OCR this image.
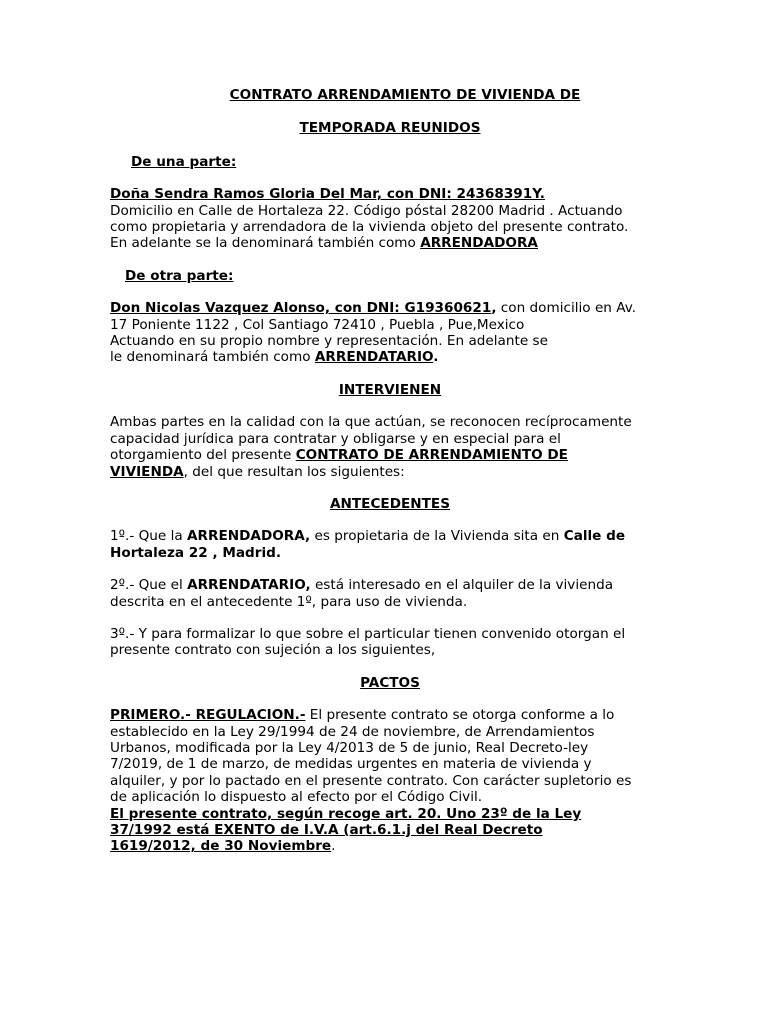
CONTRATO ARRENDAMIENTO DE VIVIENDA DE

TEMPORADA REUNIDOS

De una parte:

Doña Sendra Ramos Gloria Del Mar, con DNI: 24368391Y.

Domicilio en Calle de Hortaleza 22. Código póstal 28200 Madrid . Actuando

como propietaria y arrendadora de la vivienda objeto del presente contrato.

En adelante se la denominará también como ARRENDADORA

De otra parte:

Don Nicolas Vazquez Alonso, con DNI: G19360621, con domicilio en Av.

17 Poniente 1122 , Col Santiago 72410 , Puebla , Pue,Mexico

Actuando en su propio nombre y representación. En adelante se

le denominará también como ARRENDATARIO.

INTERVIENEN

Ambas partes en la calidad con la que actúan, se reconocen recíprocamente

capacidad jurídica para contratar y obligarse y en especial para el

otorgamiento del presente CONTRATO DE ARRENDAMIENTO DE

VIVIENDA, del que resultan los siguientes:

ANTECEDENTES

1º.- Que la ARRENDADORA, es propietaria de la Vivienda sita en Calle de

Hortaleza 22 , Madrid.

2º.- Que el ARRENDATARIO, está interesado en el alquiler de la vivienda

descrita en el antecedente 1º, para uso de vivienda.

3º.- Y para formalizar lo que sobre el particular tienen convenido otorgan el

presente contrato con sujeción a los siguientes,

PACTOS

PRIMERO.- REGULACION.- El presente contrato se otorga conforme a lo

establecido en la Ley 29/1994 de 24 de noviembre, de Arrendamientos

Urbanos, modificada por la Ley 4/2013 de 5 de junio, Real Decreto-ley

7/2019, de 1 de marzo, de medidas urgentes en materia de vivienda y

alquiler, y por lo pactado en el presente contrato. Con carácter supletorio es

de aplicación lo dispuesto al efecto por el Código Civil.

El presente contrato, según recoge art. 20. Uno 23º de la Ley

37/1992 está EXENTO de I.V.A (art.6.1.j del Real Decreto

1619/2012, de 30 Noviembre.
